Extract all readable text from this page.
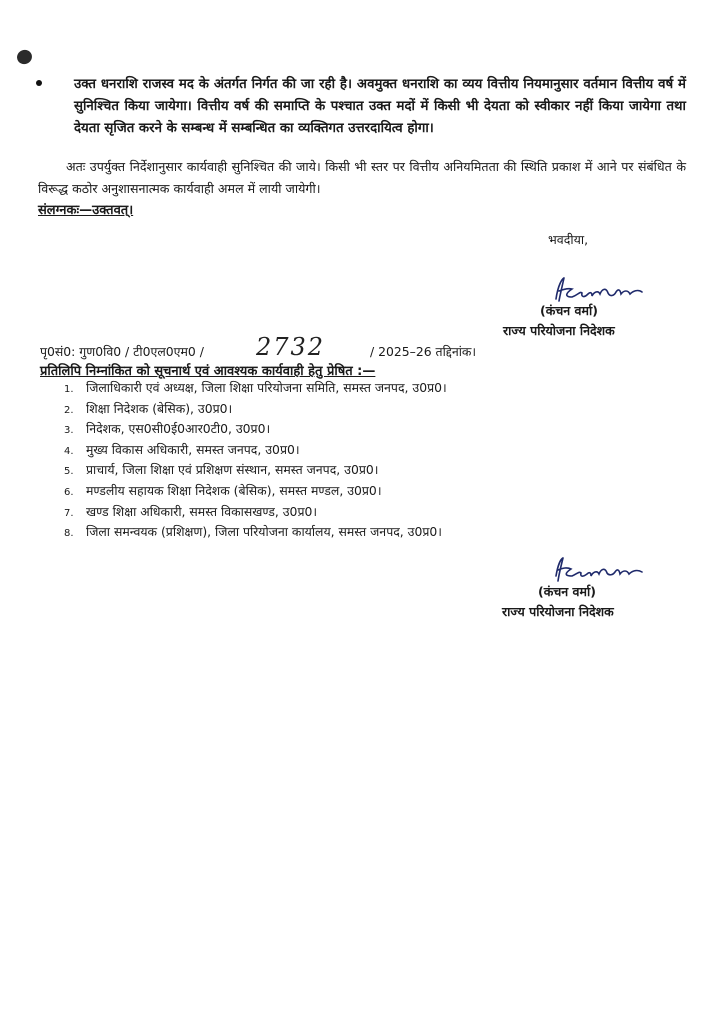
उक्त धनराशि राजस्व मद के अंतर्गत निर्गत की जा रही है। अवमुक्त धनराशि का व्यय वित्तीय नियमानुसार वर्तमान वित्तीय वर्ष में सुनिश्चित किया जायेगा। वित्तीय वर्ष की समाप्ति के पश्चात उक्त मदों में किसी भी देयता को स्वीकार नहीं किया जायेगा तथा देयता सृजित करने के सम्बन्ध में सम्बन्धित का व्यक्तिगत उत्तरदायित्व होगा।
अतः उपर्युक्त निर्देशानुसार कार्यवाही सुनिश्चित की जाये। किसी भी स्तर पर वित्तीय अनियमितता की स्थिति प्रकाश में आने पर संबंधित के विरूद्ध कठोर अनुशासनात्मक कार्यवाही अमल में लायी जायेगी।
संलग्नकः—उक्तवत्।
भवदीया,
(कंचन वर्मा)
राज्य परियोजना निदेशक
पृ0सं0: गुण0वि0 / टी0एल0एम0 / 2732	/ 2025–26 तद्दिनांक।
प्रतिलिपि निम्नांकित को सूचनार्थ एवं आवश्यक कार्यवाही हेतु प्रेषित :—
1. जिलाधिकारी एवं अध्यक्ष, जिला शिक्षा परियोजना समिति, समस्त जनपद, उ0प्र0।
2. शिक्षा निदेशक (बेसिक), उ0प्र0।
3. निदेशक, एस0सी0ई0आर0टी0, उ0प्र0।
4. मुख्य विकास अधिकारी, समस्त जनपद, उ0प्र0।
5. प्राचार्य, जिला शिक्षा एवं प्रशिक्षण संस्थान, समस्त जनपद, उ0प्र0।
6. मण्डलीय सहायक शिक्षा निदेशक (बेसिक), समस्त मण्डल, उ0प्र0।
7. खण्ड शिक्षा अधिकारी, समस्त विकासखण्ड, उ0प्र0।
8. जिला समन्वयक (प्रशिक्षण), जिला परियोजना कार्यालय, समस्त जनपद, उ0प्र0।
(कंचन वर्मा)
राज्य परियोजना निदेशक
